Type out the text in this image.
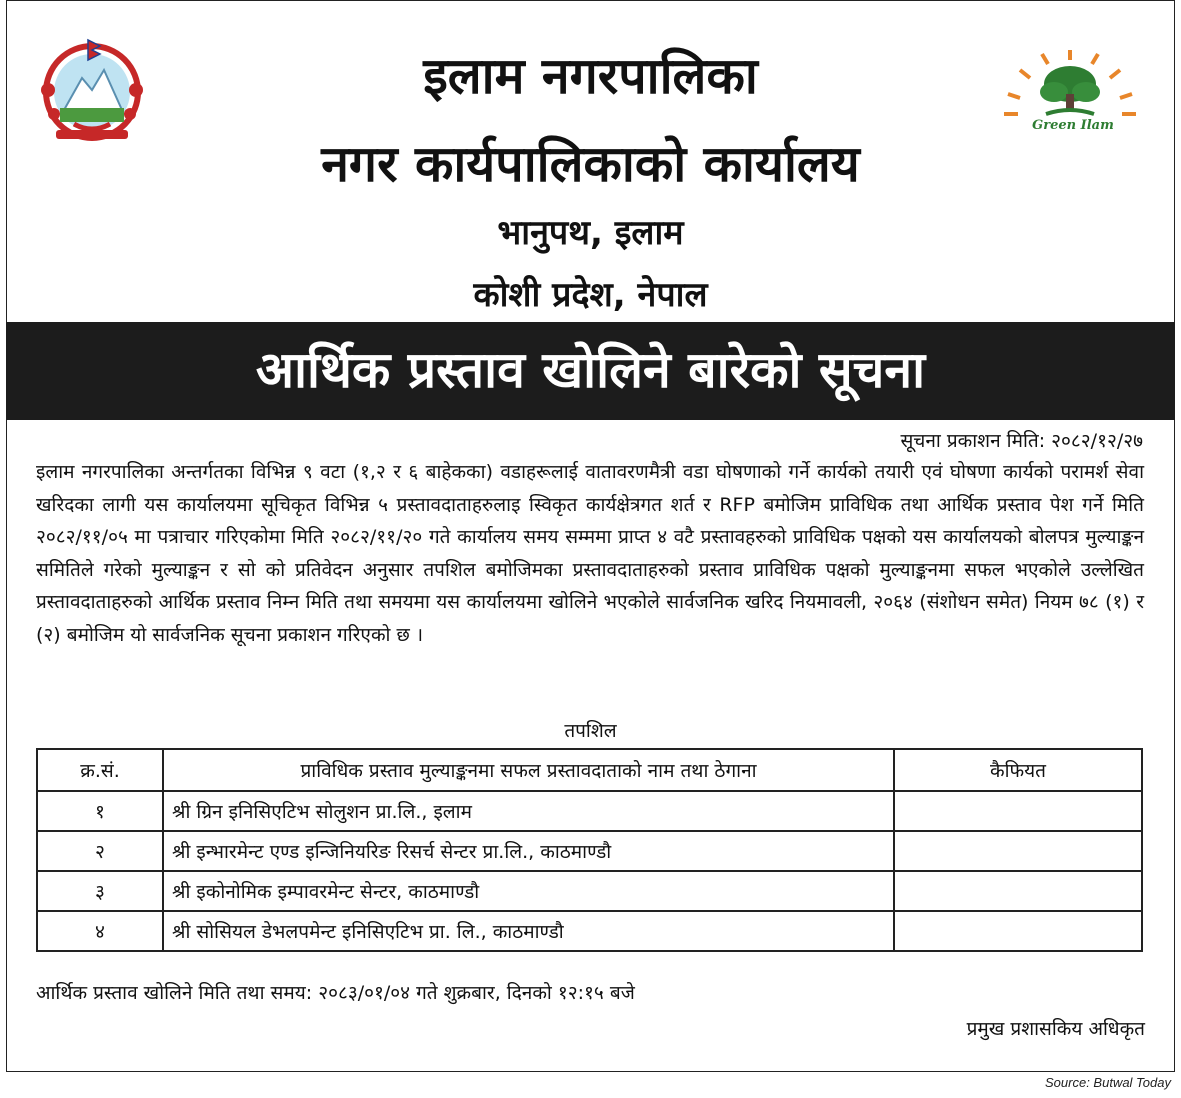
इलाम नगरपालिका
नगर कार्यपालिकाको कार्यालय
भानुपथ, इलाम
कोशी प्रदेश, नेपाल
Green Ilam
आर्थिक प्रस्ताव खोलिने बारेको सूचना
सूचना प्रकाशन मिति: २०८२/१२/२७
इलाम नगरपालिका अन्तर्गतका विभिन्न ९ वटा (१,२ र ६ बाहेकका) वडाहरूलाई वातावरणमैत्री वडा घोषणाको गर्ने कार्यको तयारी एवं घोषणा कार्यको परामर्श सेवा खरिदका लागी यस कार्यालयमा सूचिकृत विभिन्न ५ प्रस्तावदाताहरुलाइ स्विकृत कार्यक्षेत्रगत शर्त र RFP बमोजिम प्राविधिक तथा आर्थिक प्रस्ताव पेश गर्ने मिति २०८२/११/०५ मा पत्राचार गरिएकोमा मिति २०८२/११/२० गते कार्यालय समय सम्ममा प्राप्त ४ वटै प्रस्तावहरुको प्राविधिक पक्षको यस कार्यालयको बोलपत्र मुल्याङ्कन समितिले गरेको मुल्याङ्कन र सो को प्रतिवेदन अनुसार तपशिल बमोजिमका प्रस्तावदाताहरुको प्रस्ताव प्राविधिक पक्षको मुल्याङ्कनमा सफल भएकोले उल्लेखित प्रस्तावदाताहरुको आर्थिक प्रस्ताव निम्न मिति तथा समयमा यस कार्यालयमा खोलिने भएकोले सार्वजनिक खरिद नियमावली, २०६४ (संशोधन समेत) नियम ७८ (१) र (२) बमोजिम यो सार्वजनिक सूचना प्रकाशन गरिएको छ ।
तपशिल
क्र.सं.	प्राविधिक प्रस्ताव मुल्याङ्कनमा सफल प्रस्तावदाताको नाम तथा ठेगाना	कैफियत
१	श्री ग्रिन इनिसिएटिभ सोलुशन प्रा.लि., इलाम	
२	श्री इन्भारमेन्ट एण्ड इन्जिनियरिङ रिसर्च सेन्टर प्रा.लि., काठमाण्डौ	
३	श्री इकोनोमिक इम्पावरमेन्ट सेन्टर, काठमाण्डौ	
४	श्री सोसियल डेभलपमेन्ट इनिसिएटिभ प्रा. लि., काठमाण्डौ	
आर्थिक प्रस्ताव खोलिने मिति तथा समय: २०८३/०१/०४ गते शुक्रबार, दिनको १२:१५ बजे
प्रमुख प्रशासकिय अधिकृत
Source: Butwal Today
